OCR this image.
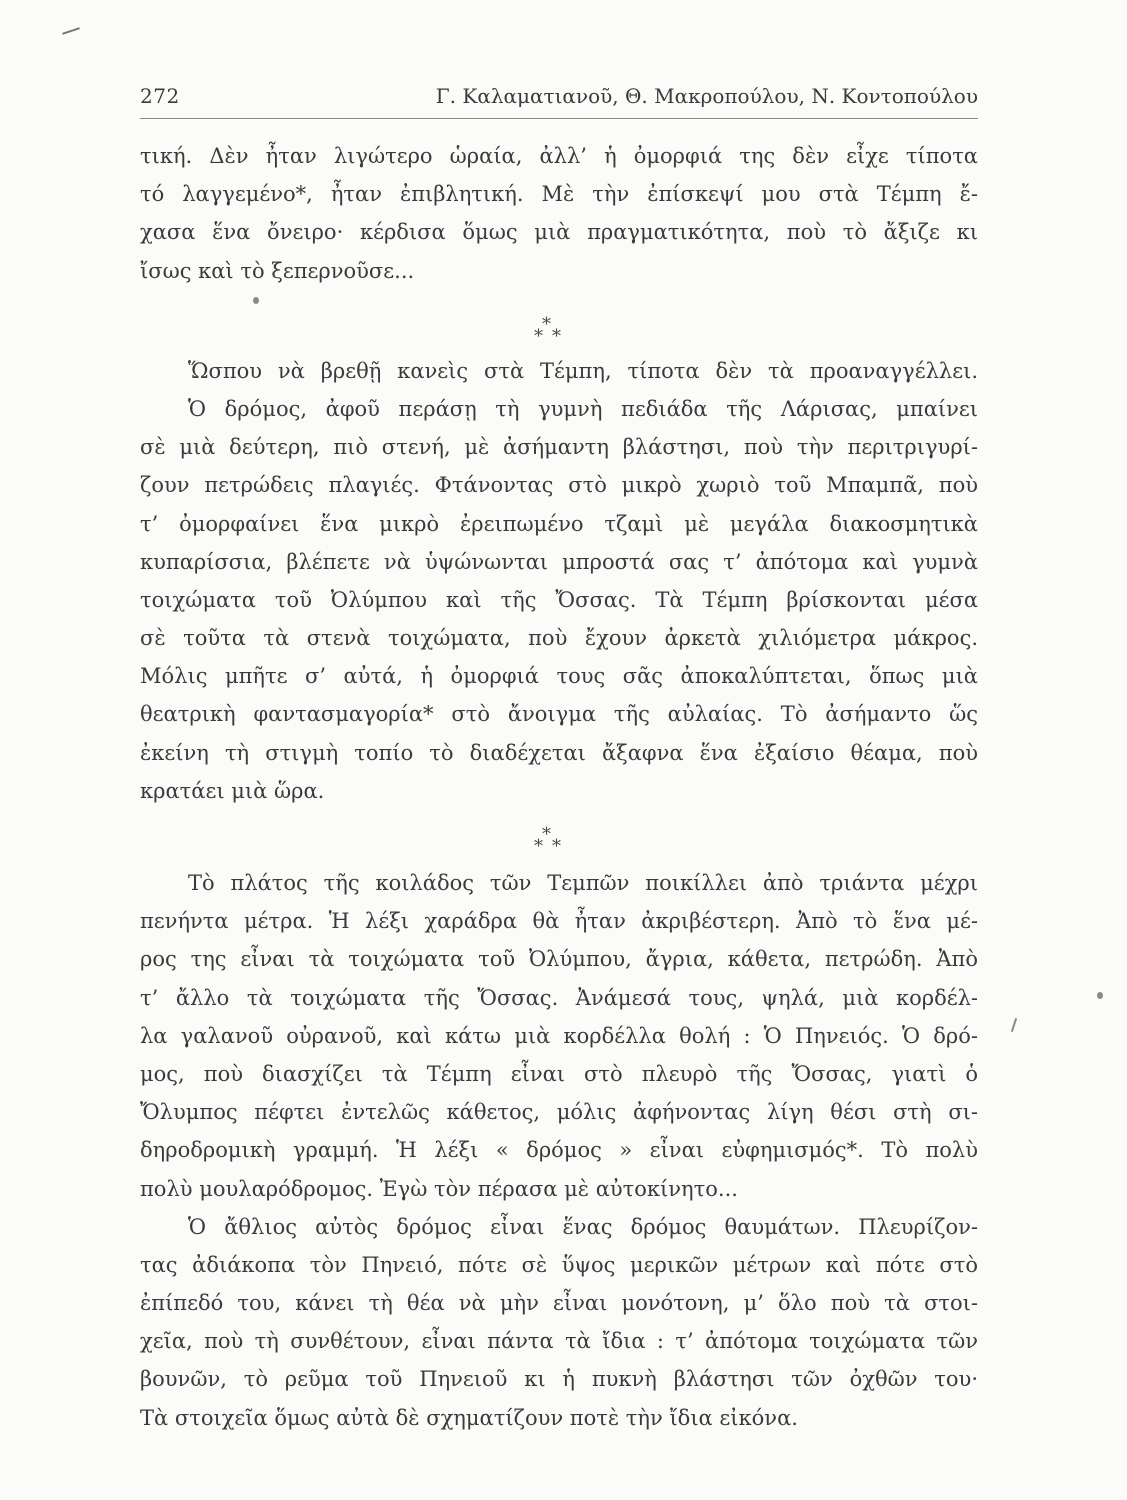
272	Γ. Καλαματιανοῦ, Θ. Μακροπούλου, Ν. Κοντοπούλου
τική. Δὲν ἦταν λιγώτερο ὡραία, ἀλλ’ ἡ ὀμορφιά της δὲν εἶχε τίποτα
τό λαγγεμένο*, ἦταν ἐπιβλητική. Μὲ τὴν ἐπίσκεψί μου στὰ Τέμπη ἔ-
χασα ἕνα ὄνειρο· κέρδισα ὅμως μιὰ πραγματικότητα, ποὺ τὸ ἄξιζε κι
ἴσως καὶ τὸ ξεπερνοῦσε...
*
* *
Ὥσπου νὰ βρεθῇ κανεὶς στὰ Τέμπη, τίποτα δὲν τὰ προαναγγέλλει.
Ὁ δρόμος, ἀφοῦ περάσῃ τὴ γυμνὴ πεδιάδα τῆς Λάρισας, μπαίνει
σὲ μιὰ δεύτερη, πιὸ στενή, μὲ ἀσήμαντη βλάστησι, ποὺ τὴν περιτριγυρί-
ζουν πετρώδεις πλαγιές. Φτάνοντας στὸ μικρὸ χωριὸ τοῦ Μπαμπᾶ, ποὺ
τ’ ὀμορφαίνει ἕνα μικρὸ ἐρειπωμένο τζαμὶ μὲ μεγάλα διακοσμητικὰ
κυπαρίσσια, βλέπετε νὰ ὑψώνωνται μπροστά σας τ’ ἀπότομα καὶ γυμνὰ
τοιχώματα τοῦ Ὀλύμπου καὶ τῆς Ὄσσας. Τὰ Τέμπη βρίσκονται μέσα
σὲ τοῦτα τὰ στενὰ τοιχώματα, ποὺ ἔχουν ἀρκετὰ χιλιόμετρα μάκρος.
Μόλις μπῆτε σ’ αὐτά, ἡ ὀμορφιά τους σᾶς ἀποκαλύπτεται, ὅπως μιὰ
θεατρικὴ φαντασμαγορία* στὸ ἄνοιγμα τῆς αὐλαίας. Τὸ ἀσήμαντο ὥς
ἐκείνη τὴ στιγμὴ τοπίο τὸ διαδέχεται ἄξαφνα ἕνα ἐξαίσιο θέαμα, ποὺ
κρατάει μιὰ ὥρα.
*
* *
Τὸ πλάτος τῆς κοιλάδος τῶν Τεμπῶν ποικίλλει ἀπὸ τριάντα μέχρι
πενήντα μέτρα. Ἡ λέξι χαράδρα θὰ ἦταν ἀκριβέστερη. Ἀπὸ τὸ ἕνα μέ-
ρος της εἶναι τὰ τοιχώματα τοῦ Ὀλύμπου, ἄγρια, κάθετα, πετρώδη. Ἀπὸ
τ’ ἄλλο τὰ τοιχώματα τῆς Ὄσσας. Ἀνάμεσά τους, ψηλά, μιὰ κορδέλ-
λα γαλανοῦ οὐρανοῦ, καὶ κάτω μιὰ κορδέλλα θολή : Ὁ Πηνειός. Ὁ δρό-
μος, ποὺ διασχίζει τὰ Τέμπη εἶναι στὸ πλευρὸ τῆς Ὄσσας, γιατὶ ὁ
Ὄλυμπος πέφτει ἐντελῶς κάθετος, μόλις ἀφήνοντας λίγη θέσι στὴ σι-
δηροδρομικὴ γραμμή. Ἡ λέξι « δρόμος » εἶναι εὐφημισμός*. Τὸ πολὺ
πολὺ μουλαρόδρομος. Ἐγὼ τὸν πέρασα μὲ αὐτοκίνητο...
Ὁ ἄθλιος αὐτὸς δρόμος εἶναι ἕνας δρόμος θαυμάτων. Πλευρίζον-
τας ἀδιάκοπα τὸν Πηνειό, πότε σὲ ὕψος μερικῶν μέτρων καὶ πότε στὸ
ἐπίπεδό του, κάνει τὴ θέα νὰ μὴν εἶναι μονότονη, μ’ ὅλο ποὺ τὰ στοι-
χεῖα, ποὺ τὴ συνθέτουν, εἶναι πάντα τὰ ἴδια : τ’ ἀπότομα τοιχώματα τῶν
βουνῶν, τὸ ρεῦμα τοῦ Πηνειοῦ κι ἡ πυκνὴ βλάστησι τῶν ὀχθῶν του·
Τὰ στοιχεῖα ὅμως αὐτὰ δὲ σχηματίζουν ποτὲ τὴν ἴδια εἰκόνα.
